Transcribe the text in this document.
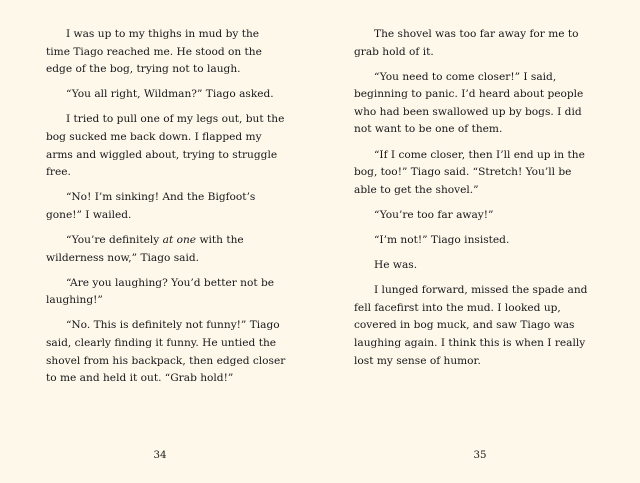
I was up to my thighs in mud by the time Tiago reached me. He stood on the edge of the bog, trying not to laugh.

“You all right, Wildman?” Tiago asked.

I tried to pull one of my legs out, but the bog sucked me back down. I flapped my arms and wiggled about, trying to struggle free.

“No! I’m sinking! And the Bigfoot’s gone!” I wailed.

“You’re definitely at one with the wilderness now,” Tiago said.

“Are you laughing? You’d better not be laughing!”

“No. This is definitely not funny!” Tiago said, clearly finding it funny. He untied the shovel from his backpack, then edged closer to me and held it out. “Grab hold!”

34

The shovel was too far away for me to grab hold of it.

“You need to come closer!” I said, beginning to panic. I’d heard about people who had been swallowed up by bogs. I did not want to be one of them.

“If I come closer, then I’ll end up in the bog, too!” Tiago said. “Stretch! You’ll be able to get the shovel.”

“You’re too far away!”

“I’m not!” Tiago insisted.

He was.

I lunged forward, missed the spade and fell facefirst into the mud. I looked up, covered in bog muck, and saw Tiago was laughing again. I think this is when I really lost my sense of humor.

35
